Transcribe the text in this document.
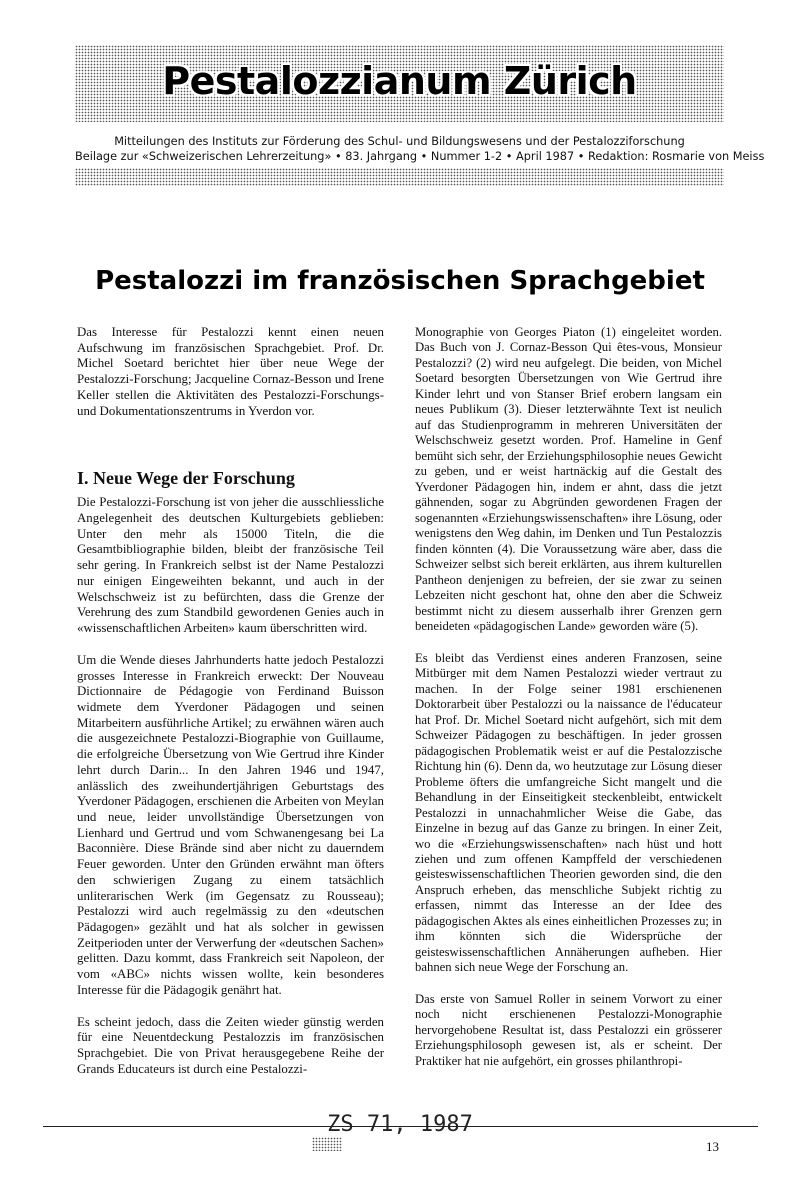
Pestalozzianum Zürich
Mitteilungen des Instituts zur Förderung des Schul- und Bildungswesens und der Pestalozziforschung
Beilage zur «Schweizerischen Lehrerzeitung» • 83. Jahrgang • Nummer 1-2 • April 1987 • Redaktion: Rosmarie von Meiss
Pestalozzi im französischen Sprachgebiet

Das Interesse für Pestalozzi kennt einen neuen Aufschwung im französischen Sprachgebiet. Prof. Dr. Michel Soetard berichtet hier über neue Wege der Pestalozzi-Forschung; Jacqueline Cornaz-Besson und Irene Keller stellen die Aktivitäten des Pestalozzi-Forschungs- und Dokumentationszentrums in Yverdon vor.

I. Neue Wege der Forschung

Die Pestalozzi-Forschung ist von jeher die ausschliessliche Angelegenheit des deutschen Kulturgebiets geblieben: Unter den mehr als 15000 Titeln, die die Gesamtbibliographie bilden, bleibt der französische Teil sehr gering. In Frankreich selbst ist der Name Pestalozzi nur einigen Eingeweihten bekannt, und auch in der Welschschweiz ist zu befürchten, dass die Grenze der Verehrung des zum Standbild gewordenen Genies auch in «wissenschaftlichen Arbeiten» kaum überschritten wird.

Um die Wende dieses Jahrhunderts hatte jedoch Pestalozzi grosses Interesse in Frankreich erweckt: Der Nouveau Dictionnaire de Pédagogie von Ferdinand Buisson widmete dem Yverdoner Pädagogen und seinen Mitarbeitern ausführliche Artikel; zu erwähnen wären auch die ausgezeichnete Pestalozzi-Biographie von Guillaume, die erfolgreiche Übersetzung von Wie Gertrud ihre Kinder lehrt durch Darin... In den Jahren 1946 und 1947, anlässlich des zweihundertjährigen Geburtstags des Yverdoner Pädagogen, erschienen die Arbeiten von Meylan und neue, leider unvollständige Übersetzungen von Lienhard und Gertrud und vom Schwanengesang bei La Baconnière. Diese Brände sind aber nicht zu dauerndem Feuer geworden. Unter den Gründen erwähnt man öfters den schwierigen Zugang zu einem tatsächlich unliterarischen Werk (im Gegensatz zu Rousseau); Pestalozzi wird auch regelmässig zu den «deutschen Pädagogen» gezählt und hat als solcher in gewissen Zeitperioden unter der Verwerfung der «deutschen Sachen» gelitten. Dazu kommt, dass Frankreich seit Napoleon, der vom «ABC» nichts wissen wollte, kein besonderes Interesse für die Pädagogik genährt hat.

Es scheint jedoch, dass die Zeiten wieder günstig werden für eine Neuentdeckung Pestalozzis im französischen Sprachgebiet. Die von Privat herausgegebene Reihe der Grands Educateurs ist durch eine Pestalozzi-

Monographie von Georges Piaton (1) eingeleitet worden. Das Buch von J. Cornaz-Besson Qui êtes-vous, Monsieur Pestalozzi? (2) wird neu aufgelegt. Die beiden, von Michel Soetard besorgten Übersetzungen von Wie Gertrud ihre Kinder lehrt und von Stanser Brief erobern langsam ein neues Publikum (3). Dieser letzterwähnte Text ist neulich auf das Studienprogramm in mehreren Universitäten der Welschschweiz gesetzt worden. Prof. Hameline in Genf bemüht sich sehr, der Erziehungsphilosophie neues Gewicht zu geben, und er weist hartnäckig auf die Gestalt des Yverdoner Pädagogen hin, indem er ahnt, dass die jetzt gähnenden, sogar zu Abgründen gewordenen Fragen der sogenannten «Erziehungswissenschaften» ihre Lösung, oder wenigstens den Weg dahin, im Denken und Tun Pestalozzis finden könnten (4). Die Voraussetzung wäre aber, dass die Schweizer selbst sich bereit erklärten, aus ihrem kulturellen Pantheon denjenigen zu befreien, der sie zwar zu seinen Lebzeiten nicht geschont hat, ohne den aber die Schweiz bestimmt nicht zu diesem ausserhalb ihrer Grenzen gern beneideten «pädagogischen Lande» geworden wäre (5).

Es bleibt das Verdienst eines anderen Franzosen, seine Mitbürger mit dem Namen Pestalozzi wieder vertraut zu machen. In der Folge seiner 1981 erschienenen Doktorarbeit über Pestalozzi ou la naissance de l'éducateur hat Prof. Dr. Michel Soetard nicht aufgehört, sich mit dem Schweizer Pädagogen zu beschäftigen. In jeder grossen pädagogischen Problematik weist er auf die Pestalozzische Richtung hin (6). Denn da, wo heutzutage zur Lösung dieser Probleme öfters die umfangreiche Sicht mangelt und die Behandlung in der Einseitigkeit steckenbleibt, entwickelt Pestalozzi in unnachahmlicher Weise die Gabe, das Einzelne in bezug auf das Ganze zu bringen. In einer Zeit, wo die «Erziehungswissenschaften» nach hüst und hott ziehen und zum offenen Kampffeld der verschiedenen geisteswissenschaftlichen Theorien geworden sind, die den Anspruch erheben, das menschliche Subjekt richtig zu erfassen, nimmt das Interesse an der Idee des pädagogischen Aktes als eines einheitlichen Prozesses zu; in ihm könnten sich die Widersprüche der geisteswissenschaftlichen Annäherungen aufheben. Hier bahnen sich neue Wege der Forschung an.

Das erste von Samuel Roller in seinem Vorwort zu einer noch nicht erschienenen Pestalozzi-Monographie hervorgehobene Resultat ist, dass Pestalozzi ein grösserer Erziehungsphilosoph gewesen ist, als er scheint. Der Praktiker hat nie aufgehört, ein grosses philanthropi-

ZS 71, 1987
13
